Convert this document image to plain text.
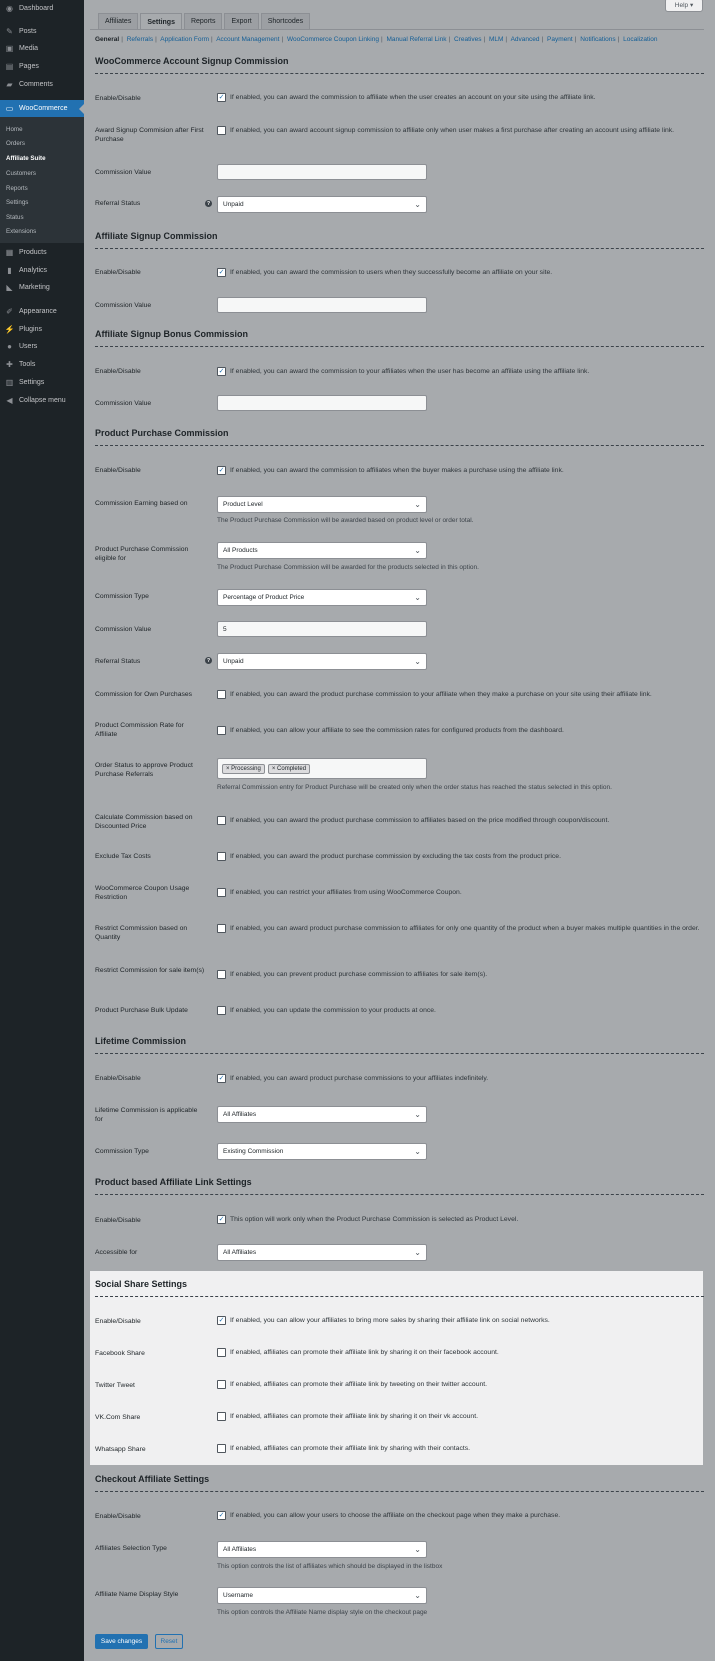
◉ Dashboard
✎ Posts
▣ Media
▤ Pages
▰ Comments
▭ WooCommerce
Home
Orders
Affiliate Suite
Customers
Reports
Settings
Status
Extensions
▦ Products
▮	Analytics
◣ Marketing
✐ Appearance
⚡ Plugins
●	Users
✚ Tools
▥ Settings
◀ Collapse menu
Help
▾
Affiliates	Settings	Reports	Export	Shortcodes
General | Referrals | Application Form | Account Management | WooCommerce Coupon Linking | Manual Referral Link | Creatives | MLM | Advanced | Payment | Notifications | Localization
WooCommerce Account Signup Commission
Enable/Disable	✓ If enabled, you can award the commission to affiliate when the user creates an account on your site using the affiliate link.
Award Signup Commision after First Purchase
If enabled, you can award account signup commission to affiliate only when user makes a first purchase after creating an account using affiliate link.
Commission Value
Referral Status	? Unpaid	⌄
Affiliate Signup Commission
Enable/Disable	✓ If enabled, you can award the commission to users when they successfully become an affiliate on your site.
Commission Value
Affiliate Signup Bonus Commission
Enable/Disable	✓ If enabled, you can award the commission to your affiliates when the user has become an affiliate using the affiliate link.
Commission Value
Product Purchase Commission
Enable/Disable	✓ If enabled, you can award the commission to affiliates when the buyer makes a purchase using the affiliate link.
Commission Earning based on	Product Level	⌄
The Product Purchase Commission will be awarded based on product level or order total.
Product Purchase Commission eligible for
All Products	⌄
The Product Purchase Commission will be awarded for the products selected in this option.
Commission Type	Percentage of Product Price	⌄
Commission Value	5
Referral Status	? Unpaid	⌄
Commission for Own Purchases	If enabled, you can award the product purchase commission to your affiliate when they make a purchase on your site using their affiliate link.
Product Commission Rate for Affiliate
If enabled, you can allow your affiliate to see the commission rates for configured products from the dashboard.
Order Status to approve Product Purchase Referrals
× Processing	× Completed
Referral Commission entry for Product Purchase will be created only when the order status has reached the status selected in this option.
Calculate Commission based on Discounted Price
If enabled, you can award the product purchase commission to affiliates based on the price modified through coupon/discount.
Exclude Tax Costs	If enabled, you can award the product purchase commission by excluding the tax costs from the product price.
WooCommerce Coupon Usage Restriction
If enabled, you can restrict your affiliates from using WooCommerce Coupon.
Restrict Commission based on Quantity
If enabled, you can award product purchase commission to affiliates for only one quantity of the product when a buyer makes multiple quantities in the order.
Restrict Commission for sale item(s)
If enabled, you can prevent product purchase commission to affiliates for sale item(s).
Product Purchase Bulk Update	If enabled, you can update the commission to your products at once.
Lifetime Commission
Enable/Disable	✓ If enabled, you can award product purchase commissions to your affiliates indefinitely.
Lifetime Commission is applicable for
All Affiliates	⌄
Commission Type	Existing Commission	⌄
Product based Affiliate Link Settings
Enable/Disable	✓ This option will work only when the Product Purchase Commission is selected as Product Level.
Accessible for	All Affiliates	⌄
Social Share Settings
Enable/Disable	✓ If enabled, you can allow your affiliates to bring more sales by sharing their affiliate link on social networks.
Facebook Share	If enabled, affiliates can promote their affiliate link by sharing it on their facebook account.
Twitter Tweet	If enabled, affiliates can promote their affiliate link by tweeting on their twitter account.
VK.Com Share	If enabled, affiliates can promote their affiliate link by sharing it on their vk account.
Whatsapp Share	If enabled, affiliates can promote their affiliate link by sharing with their contacts.
Checkout Affiliate Settings
Enable/Disable	✓ If enabled, you can allow your users to choose the affiliate on the checkout page when they make a purchase.
Affiliates Selection Type	All Affiliates	⌄
This option controls the list of affiliates which should be displayed in the listbox
Affiliate Name Display Style	Username	⌄
This option controls the Affiliate Name display style on the checkout page
Save changes	Reset
